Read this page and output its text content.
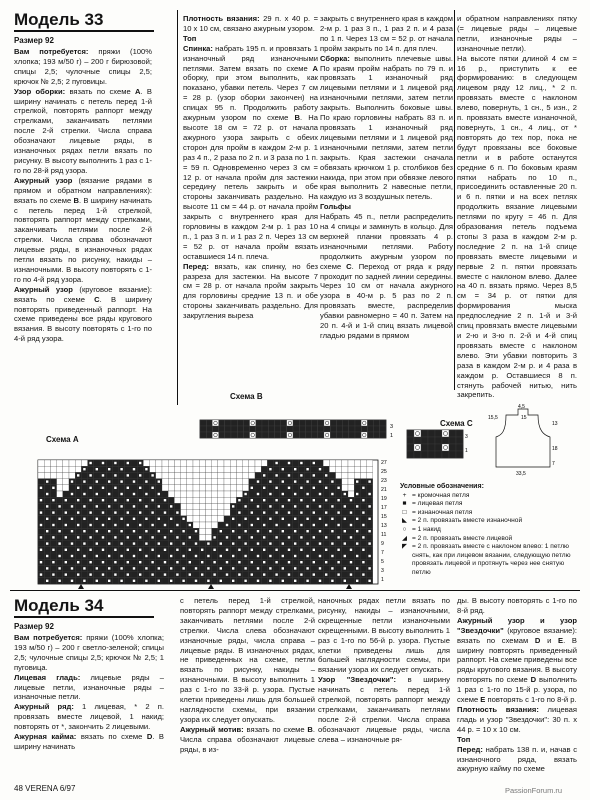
Модель 33
Размер 92

Вам потребуется: пряжи (100% хлопка; 193 м/50 г) – 200 г бирюзовой; спицы 2,5; чулочные спицы 2,5; крючок № 2,5; 2 пуговицы.

Узор оборки: вязать по схеме А. В ширину начинать с петель перед 1-й стрелкой, повторять раппорт между стрелками, заканчивать петлями после 2-й стрелки. Числа справа обозначают лицевые ряды, в изнаночных рядах петли вязать по рисунку. В высоту выполнить 1 раз с 1-го по 28-й ряд узора.

Ажурный узор (вязание рядами в прямом и обратном направлениях): вязать по схеме В. В ширину начинать с петель перед 1-й стрелкой, повторять раппорт между стрелками, заканчивать петлями после 2-й стрелки. Числа справа обозначают лицевые ряды, в изнаночных рядах петли вязать по рисунку, накиды – изнаночными. В высоту повторять с 1-го по 4-й ряд узора.

Ажурный узор (круговое вязание): вязать по схеме С. В ширину повторять приведенный раппорт. На схеме приведены все ряды кругового вязания. В высоту повторять с 1-го по 4-й ряд узора.

Плотность вязания: 29 п. х 40 р. = 10 х 10 см, связано ажурным узором.

Топ

Спинка: набрать 195 п. и провязать 1 изнаночный ряд изнаночными петлями. Затем вязать по схеме А оборку, при этом выполнить, как показано, убавки петель. Через 7 см = 28 р. (узор оборки закончен) на спицах 95 п. Продолжить работу ажурным узором по схеме В. На высоте 18 см = 72 р. от начала ажурного узора закрыть с обеих сторон для пройм в каждом 2-м р. 1 раз 4 п., 2 раза по 2 п. и 3 раза по 1 п. = 59 п. Одновременно через 3 см = 12 р. от начала пройм для застежки середину петель закрыть и обе стороны заканчивать раздельно. На высоте 11 см = 44 р. от начала пройм закрыть с внутреннего края для горловины в каждом 2-м р. 1 раз 10 п., 1 раз 3 п. и 1 раз 2 п. Через 13 см = 52 р. от начала пройм вязать оставшиеся 14 п. плеча.

Перед: вязать, как спинку, но без разреза для застежки. На высоте 7 см = 28 р. от начала пройм закрыть для горловины средние 13 п. и обе стороны заканчивать раздельно. Для закругления выреза

закрыть с внутреннего края в каждом 2-м р. 1 раз 3 п., 1 раз 2 п. и 4 раза по 1 п. Через 13 см = 52 р. от начала пройм закрыть по 14 п. для плеч.

Сборка: выполнить плечевые швы. По краям пройм набрать по 79 п. и провязать 1 изнаночный ряд лицевыми петлями и 1 лицевой ряд изнаночными петлями, затем петли закрыть. Выполнить боковые швы. По краю горловины набрать 83 п. и провязать 1 изнаночный ряд лицевыми петлями и 1 лицевой ряд изнаночными петлями, затем петли закрыть. Края застежки сначала обвязать крючком 1 р. столбиков без накида, при этом при обвязке левого края выполнить 2 навесные петли, каждую из 3 воздушных петель.

Гольфы

Набрать 45 п., петли распределить на 4 спицы и замкнуть в кольцо. Для верхней планки провязать 4 р. изнаночными петлями. Работу продолжить ажурным узором по схеме С. Переход от ряда к ряду проходит по задней линии середины. Через 10 см от начала ажурного узора в 40-м р. 5 раз по 2 п. провязать вместе, распределив убавки равномерно = 40 п. Затем на 20 п. 4-й и 1-й спиц вязать лицевой гладью рядами в прямом

и обратном направлениях пятку (= лицевые ряды – лицевые петли, изнаночные ряды – изнаночные петли).

На высоте пятки длиной 4 см = 16 р., приступить к ее формированию: в следующем лицевом ряду 12 лиц., * 2 п. провязать вместе с наклоном влево, повернуть, 1 сн., 5 изн., 2 п. провязать вместе изнаночной, повернуть, 1 сн., 4 лиц., от * повторять до тех пор, пока не будут провязаны все боковые петли и в работе останутся средние 6 п. По боковым краям пятки набрать по 10 п., присоединить оставленные 20 п. и 6 п. пятки и на всех петлях продолжить вязание лицевыми петлями по кругу = 46 п. Для образования петель подъема стопы 3 раза в каждом 2-м р. последние 2 п. на 1-й спице провязать вместе лицевыми и первые 2 п. пятки провязать вместе с наклоном влево. Далее на 40 п. вязать прямо. Через 8,5 см = 34 р. от пятки для формирования мыска предпоследние 2 п. 1-й и 3-й спиц провязать вместе лицевыми и 2-ю и 3-ю п. 2-й и 4-й спиц провязать вместе с наклоном влево. Эти убавки повторить 3 раза в каждом 2-м р. и 4 раза в каждом р. Оставшиеся 8 п. стянуть рабочей нитью, нить закрепить.

Схема В
Схема А
Схема С
3
1
27
25
23
21
19
17
15
13
11
9
7
5
3
1
3
1
4,5
15,5	15
13
18
7
33,5
Условные обозначения:
+ = кромочная петля
■ = лицевая петля
□ = изнаночная петля
◣ = 2 п. провязать вместе изнаночной
○ = 1 накид
◢ = 2 п. провязать вместе лицевой
◤ = 2 п. провязать вместе с наклоном влево: 1 петлю снять, как при лицевом вязании, следующую петлю провязать лицевой и протянуть через нее снятую петлю
Модель 34
Размер 92

Вам потребуется: пряжи (100% хлопка; 193 м/50 г) – 200 г светло-зеленой; спицы 2,5; чулочные спицы 2,5; крючок № 2,5; 1 пуговица.

Лицевая гладь: лицевые ряды – лицевые петли, изнаночные ряды – изнаночные петли.

Ажурный ряд: 1 лицевая, * 2 п. провязать вместе лицевой, 1 накид; повторять от *, закончить 2 лицевыми.

Ажурная кайма: вязать по схеме D. В ширину начинать

с петель перед 1-й стрелкой, повторять раппорт между стрелками, заканчивать петлями после 2-й стрелки. Числа слева обозначают изнаночные ряды, числа справа – лицевые ряды. В изнаночных рядах, не приведенных на схеме, петли вязать по рисунку, накиды – изнаночными. В высоту выполнить 1 раз с 1-го по 33-й р. узора. Пустые клетки приведены лишь для большей наглядности схемы, при вязании узора их следует опускать.

Ажурный мотив: вязать по схеме В. Числа справа обозначают лицевые ряды, в из-

наночных рядах петли вязать по рисунку, накиды – изнаночными, скрещенные петли изнаночными скрещенными. В высоту выполнить 1 раз с 1-го по 56-й р. узора. Пустые клетки приведены лишь для большей наглядности схемы, при вязании узора их следует опускать.

Узор "Звездочки": в ширину начинать с петель перед 1-й стрелкой, повторять раппорт между стрелками, заканчивать петлями после 2-й стрелки. Числа справа обозначают лицевые ряды, числа слева – изнаночные ря-

ды. В высоту повторять с 1-го по 8-й ряд.

Ажурный узор и узор "Звездочки" (круговое вязание): вязать по схемам D и E. В ширину повторять приведенный раппорт. На схеме приведены все ряды кругового вязания. В высоту повторять по схеме D выполнить 1 раз с 1-го по 15-й р. узора, по схеме E повторять с 1-го по 8-й р.

Плотность вязания: лицевая гладь и узор "Звездочки": 30 п. х 44 р. = 10 х 10 см.

Топ

Перед: набрать 138 п. и, начав с изнаночного ряда, вязать ажурную кайму по схеме

48 VERENA 6/97	PassionForum.ru
